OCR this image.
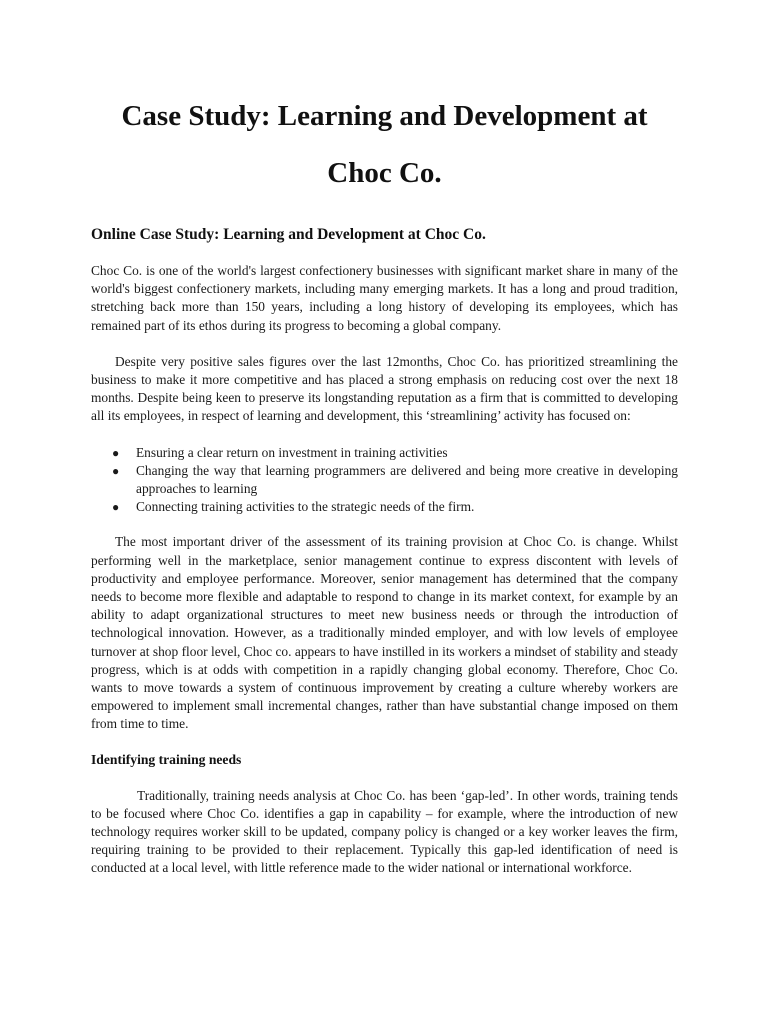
Case Study: Learning and Development at Choc Co.

Online Case Study: Learning and Development at Choc Co.

Choc Co. is one of the world's largest confectionery businesses with significant market share in many of the world's biggest confectionery markets, including many emerging markets. It has a long and proud tradition, stretching back more than 150 years, including a long history of developing its employees, which has remained part of its ethos during its progress to becoming a global company.

Despite very positive sales figures over the last 12months, Choc Co. has prioritized streamlining the business to make it more competitive and has placed a strong emphasis on reducing cost over the next 18 months. Despite being keen to preserve its longstanding reputation as a firm that is committed to developing all its employees, in respect of learning and development, this ‘streamlining’ activity has focused on:

● Ensuring a clear return on investment in training activities
● Changing the way that learning programmers are delivered and being more creative in developing approaches to learning
● Connecting training activities to the strategic needs of the firm.

The most important driver of the assessment of its training provision at Choc Co. is change. Whilst performing well in the marketplace, senior management continue to express discontent with levels of productivity and employee performance. Moreover, senior management has determined that the company needs to become more flexible and adaptable to respond to change in its market context, for example by an ability to adapt organizational structures to meet new business needs or through the introduction of technological innovation. However, as a traditionally minded employer, and with low levels of employee turnover at shop floor level, Choc co. appears to have instilled in its workers a mindset of stability and steady progress, which is at odds with competition in a rapidly changing global economy. Therefore, Choc Co. wants to move towards a system of continuous improvement by creating a culture whereby workers are empowered to implement small incremental changes, rather than have substantial change imposed on them from time to time.

Identifying training needs

Traditionally, training needs analysis at Choc Co. has been ‘gap-led’. In other words, training tends to be focused where Choc Co. identifies a gap in capability – for example, where the introduction of new technology requires worker skill to be updated, company policy is changed or a key worker leaves the firm, requiring training to be provided to their replacement. Typically this gap-led identification of need is conducted at a local level, with little reference made to the wider national or international workforce.
